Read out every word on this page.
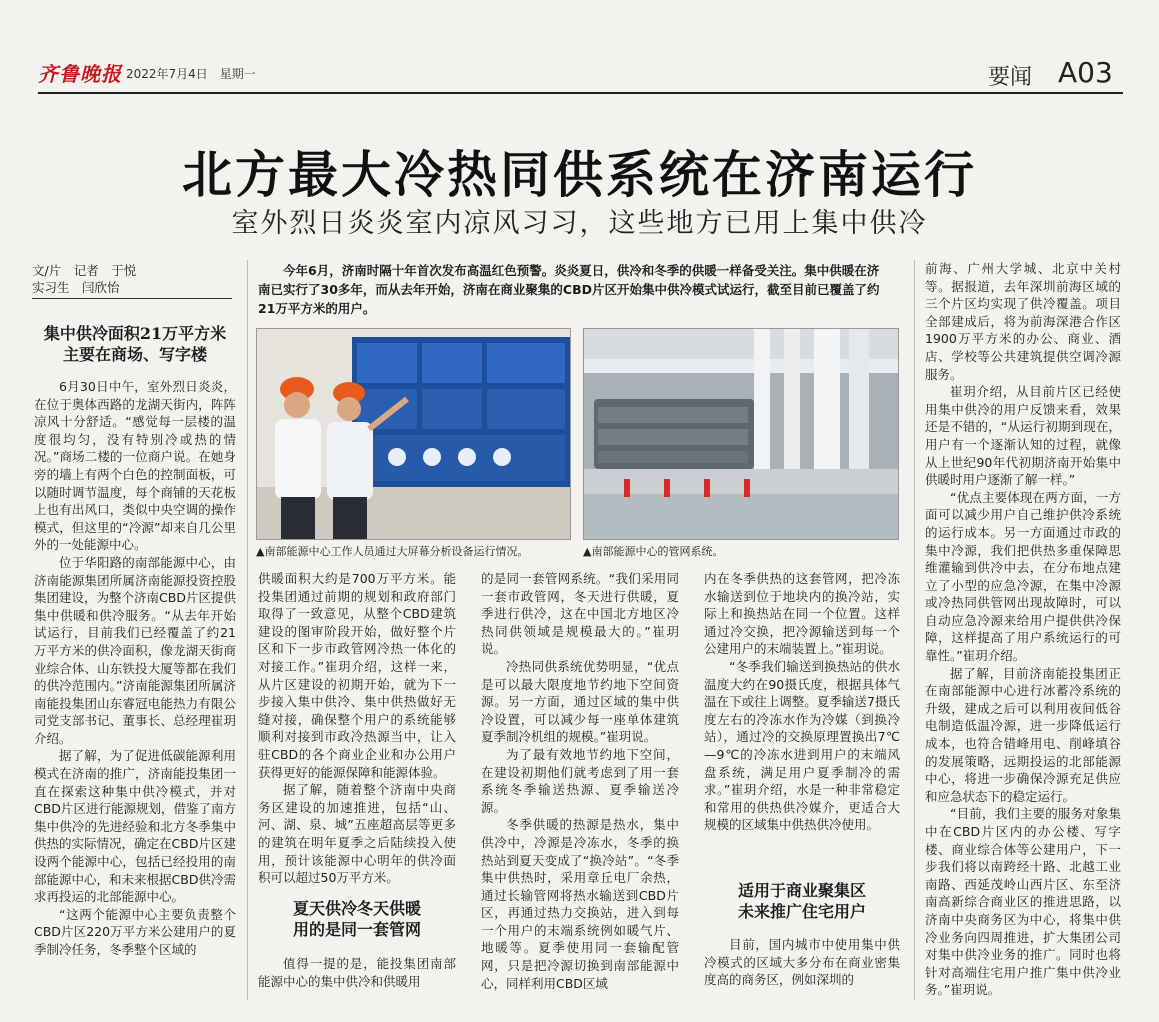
齐鲁晚报 2022年7月4日　星期一	要闻 A03
北方最大冷热同供系统在济南运行
室外烈日炎炎室内凉风习习，这些地方已用上集中供冷
文/片　记者　于悦
实习生　闫欣怡
集中供冷面积21万平方米
主要在商场、写字楼

6月30日中午，室外烈日炎炎，在位于奥体西路的龙湖天街内，阵阵凉风十分舒适。“感觉每一层楼的温度很均匀，没有特别冷或热的情况。”商场二楼的一位商户说。在她身旁的墙上有两个白色的控制面板，可以随时调节温度，每个商铺的天花板上也有出风口，类似中央空调的操作模式，但这里的“冷源”却来自几公里外的一处能源中心。

位于华阳路的南部能源中心，由济南能源集团所属济南能源投资控股集团建设，为整个济南CBD片区提供集中供暖和供冷服务。“从去年开始试运行，目前我们已经覆盖了约21万平方米的供冷面积，像龙湖天街商业综合体、山东铁投大厦等都在我们的供冷范围内。”济南能源集团所属济南能投集团山东睿冠电能热力有限公司党支部书记、董事长、总经理崔玥介绍。

据了解，为了促进低碳能源利用模式在济南的推广，济南能投集团一直在探索这种集中供冷模式，并对CBD片区进行能源规划，借鉴了南方集中供冷的先进经验和北方冬季集中供热的实际情况，确定在CBD片区建设两个能源中心，包括已经投用的南部能源中心，和未来根据CBD供冷需求再投运的北部能源中心。

“这两个能源中心主要负责整个CBD片区220万平方米公建用户的夏季制冷任务，冬季整个区域的

今年6月，济南时隔十年首次发布高温红色预警。炎炎夏日，供冷和冬季的供暖一样备受关注。集中供暖在济南已实行了30多年，而从去年开始，济南在商业聚集的CBD片区开始集中供冷模式试运行，截至目前已覆盖了约21万平方米的用户。

▲南部能源中心工作人员通过大屏幕分析设备运行情况。	▲南部能源中心的管网系统。

供暖面积大约是700万平方米。能投集团通过前期的规划和政府部门取得了一致意见，从整个CBD建筑建设的图审阶段开始，做好整个片区和下一步市政管网冷热一体化的对接工作。”崔玥介绍，这样一来，从片区建设的初期开始，就为下一步接入集中供冷、集中供热做好无缝对接，确保整个用户的系统能够顺利对接到市政冷热源当中，让入驻CBD的各个商业企业和办公用户获得更好的能源保障和能源体验。

据了解，随着整个济南中央商务区建设的加速推进，包括“山、河、湖、泉、城”五座超高层等更多的建筑在明年夏季之后陆续投入使用，预计该能源中心明年的供冷面积可以超过50万平方米。

夏天供冷冬天供暖
用的是同一套管网

值得一提的是，能投集团南部能源中心的集中供冷和供暖用

的是同一套管网系统。“我们采用同一套市政管网，冬天进行供暖，夏季进行供冷，这在中国北方地区冷热同供领域是规模最大的。”崔玥说。

冷热同供系统优势明显，“优点是可以最大限度地节约地下空间资源。另一方面，通过区域的集中供冷设置，可以减少每一座单体建筑夏季制冷机组的规模。”崔玥说。

为了最有效地节约地下空间，在建设初期他们就考虑到了用一套系统冬季输送热源、夏季输送冷源。

冬季供暖的热源是热水，集中供冷中，冷源是冷冻水，冬季的换热站到夏天变成了“换冷站”。“冬季集中供热时，采用章丘电厂余热，通过长输管网将热水输送到CBD片区，再通过热力交换站，进入到每一个用户的末端系统例如暖气片、地暖等。夏季使用同一套输配管网，只是把冷源切换到南部能源中心，同样利用CBD区域

内在冬季供热的这套管网，把冷冻水输送到位于地块内的换冷站，实际上和换热站在同一个位置。这样通过冷交换，把冷源输送到每一个公建用户的末端装置上。”崔玥说。

“冬季我们输送到换热站的供水温度大约在90摄氏度，根据具体气温在下或往上调整。夏季输送7摄氏度左右的冷冻水作为冷媒（到换冷站），通过冷的交换原理置换出7℃—9℃的冷冻水进到用户的末端风盘系统，满足用户夏季制冷的需求。”崔玥介绍，水是一种非常稳定和常用的供热供冷媒介，更适合大规模的区域集中供热供冷使用。

适用于商业聚集区
未来推广住宅用户

目前，国内城市中使用集中供冷模式的区域大多分布在商业密集度高的商务区，例如深圳的

前海、广州大学城、北京中关村等。据报道，去年深圳前海区域的三个片区均实现了供冷覆盖。项目全部建成后，将为前海深港合作区1900万平方米的办公、商业、酒店、学校等公共建筑提供空调冷源服务。

崔玥介绍，从目前片区已经使用集中供冷的用户反馈来看，效果还是不错的，“从运行初期到现在，用户有一个逐渐认知的过程，就像从上世纪90年代初期济南开始集中供暖时用户逐渐了解一样。”

“优点主要体现在两方面，一方面可以减少用户自己维护供冷系统的运行成本。另一方面通过市政的集中冷源，我们把供热多重保障思维灌输到供冷中去，在分布地点建立了小型的应急冷源，在集中冷源或冷热同供管网出现故障时，可以自动应急冷源来给用户提供供冷保障，这样提高了用户系统运行的可靠性。”崔玥介绍。

据了解，目前济南能投集团正在南部能源中心进行冰蓄冷系统的升级，建成之后可以利用夜间低谷电制造低温冷源，进一步降低运行成本，也符合错峰用电、削峰填谷的发展策略，远期投运的北部能源中心，将进一步确保冷源充足供应和应急状态下的稳定运行。

“目前，我们主要的服务对象集中在CBD片区内的办公楼、写字楼、商业综合体等公建用户，下一步我们将以南跨经十路、北越工业南路、西延茂岭山西片区、东至济南高新综合商业区的推进思路，以济南中央商务区为中心，将集中供冷业务向四周推进，扩大集团公司对集中供冷业务的推广。同时也将针对高端住宅用户推广集中供冷业务。”崔玥说。
